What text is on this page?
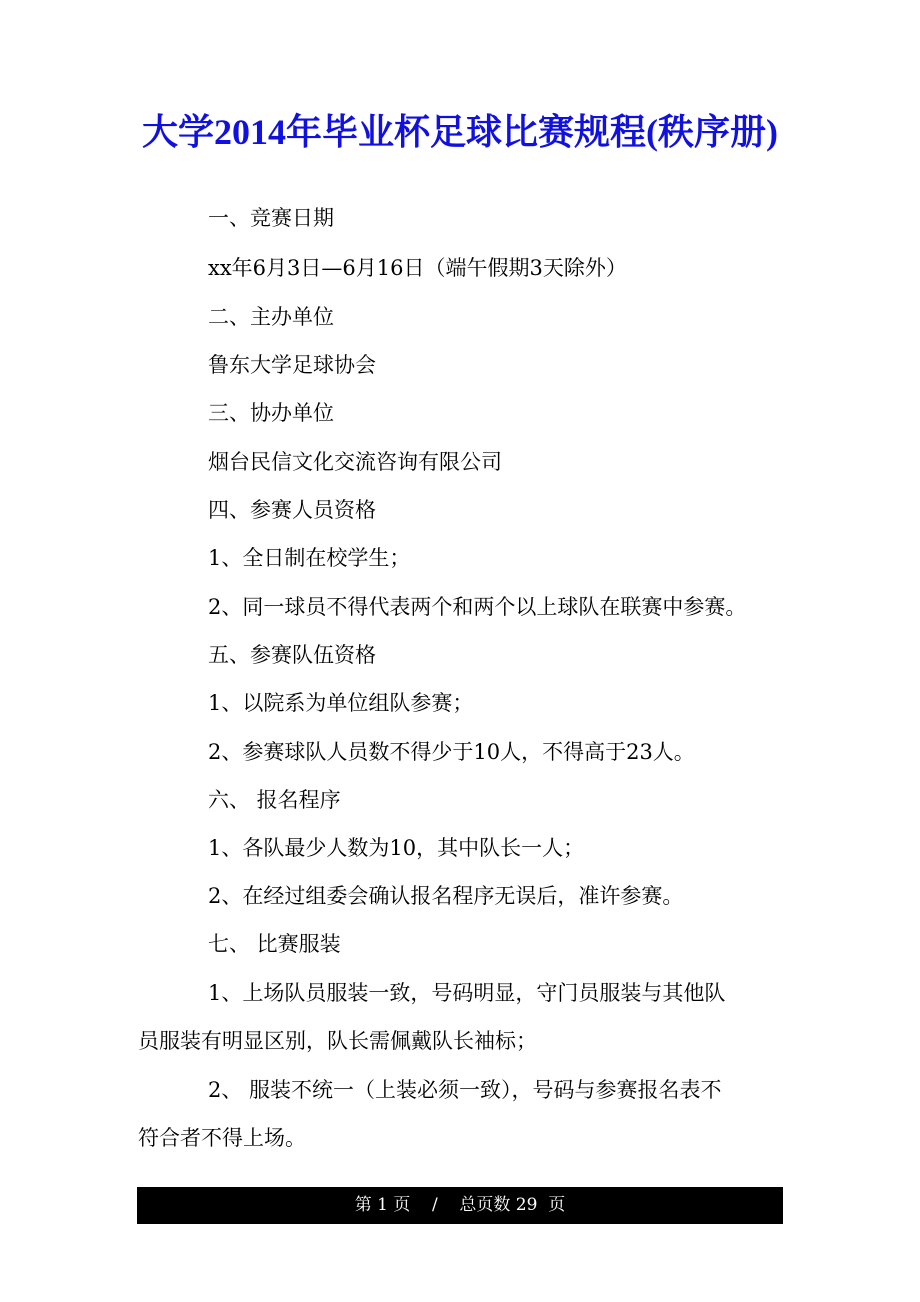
大学2014年毕业杯足球比赛规程(秩序册)
一、竞赛日期
xx年6月3日—6月16日（端午假期3天除外）
二、主办单位
鲁东大学足球协会
三、协办单位
烟台民信文化交流咨询有限公司
四、参赛人员资格
1、全日制在校学生；
2、同一球员不得代表两个和两个以上球队在联赛中参赛。
五、参赛队伍资格
1、以院系为单位组队参赛；
2、参赛球队人员数不得少于10人，不得高于23人。
六、 报名程序
1、各队最少人数为10，其中队长一人；
2、在经过组委会确认报名程序无误后，准许参赛。
七、 比赛服装
1、上场队员服装一致，号码明显，守门员服装与其他队
员服装有明显区别，队长需佩戴队长袖标；
2、 服装不统一（上装必须一致），号码与参赛报名表不
符合者不得上场。
第 1 页    /    总页数 29  页
